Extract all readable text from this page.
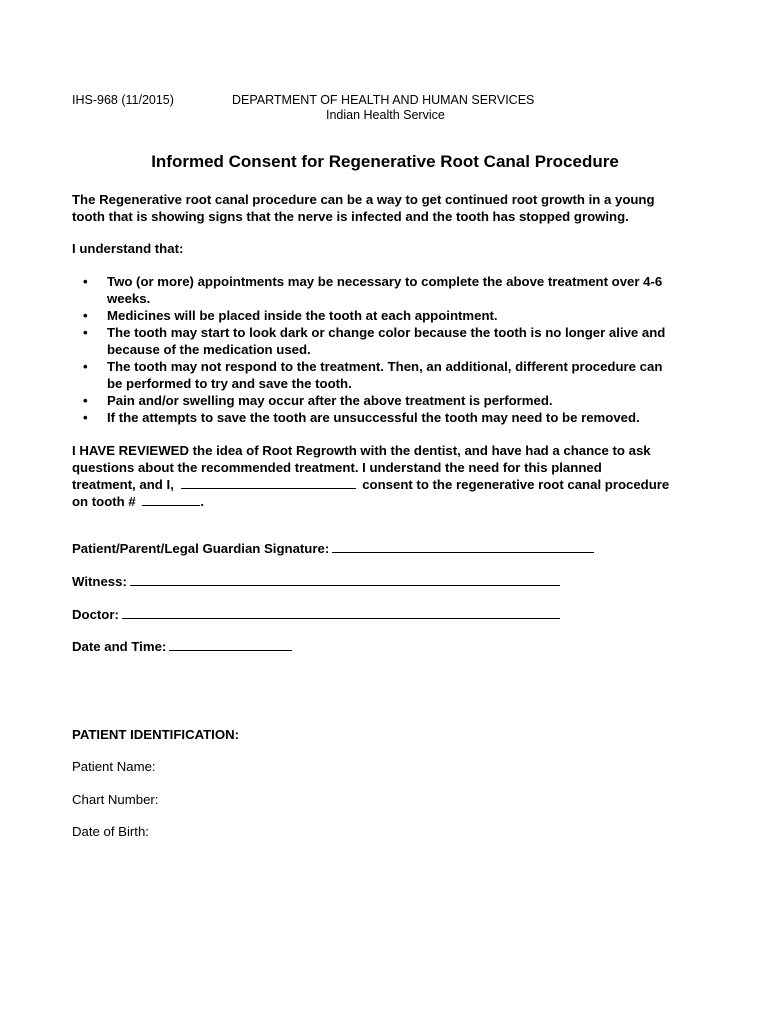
IHS-968 (11/2015)	DEPARTMENT OF HEALTH AND HUMAN SERVICES
Indian Health Service
Informed Consent for Regenerative Root Canal Procedure
The Regenerative root canal procedure can be a way to get continued root growth in a young
tooth that is showing signs that the nerve is infected and the tooth has stopped growing.
I understand that:
• Two (or more) appointments may be necessary to complete the above treatment over 4-6
weeks.
• Medicines will be placed inside the tooth at each appointment.
• The tooth may start to look dark or change color because the tooth is no longer alive and
because of the medication used.
• The tooth may not respond to the treatment. Then, an additional, different procedure can
be performed to try and save the tooth.
• Pain and/or swelling may occur after the above treatment is performed.
• If the attempts to save the tooth are unsuccessful the tooth may need to be removed.
I HAVE REVIEWED the idea of Root Regrowth with the dentist, and have had a chance to ask
questions about the recommended treatment. I understand the need for this planned
treatment, and I,	consent to the regenerative root canal procedure
on tooth #	.
Patient/Parent/Legal Guardian Signature:
Witness:
Doctor:
Date and Time:
PATIENT IDENTIFICATION:
Patient Name:
Chart Number:
Date of Birth:
